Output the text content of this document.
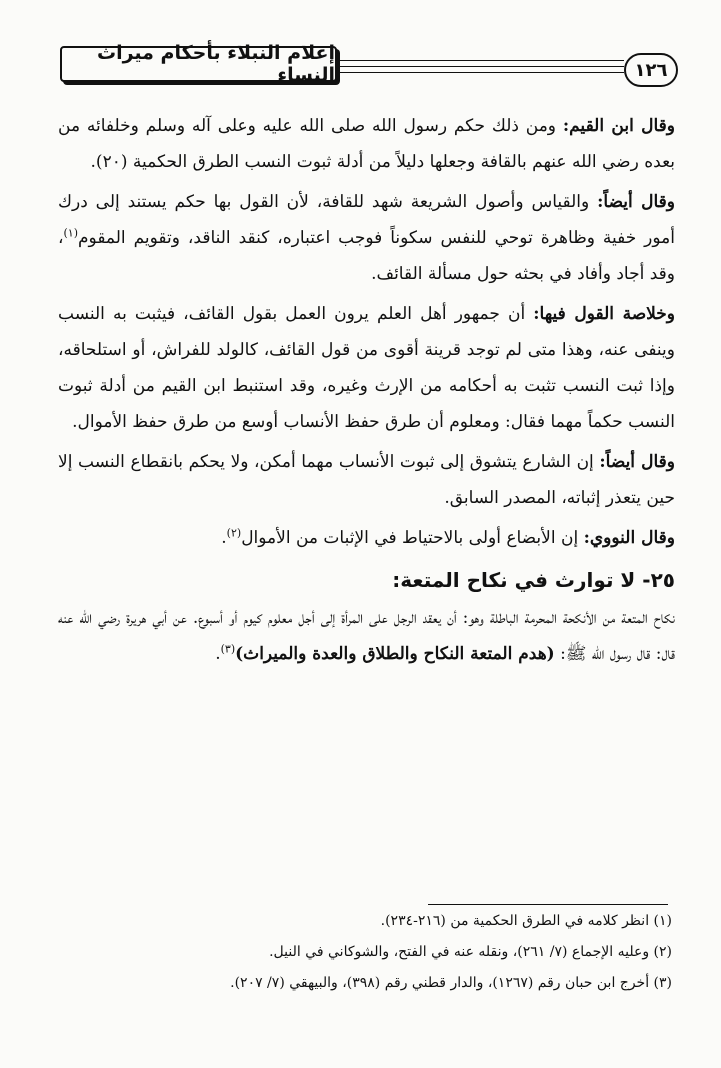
إعلام النبلاء بأحكام ميراث النساء	١٢٦

وقال ابن القيم: ومن ذلك حكم رسول الله صلى الله عليه وعلى آله وسلم وخلفائه من بعده رضي الله عنهم بالقافة وجعلها دليلاً من أدلة ثبوت النسب الطرق الحكمية (٢٠).

وقال أيضاً: والقياس وأصول الشريعة شهد للقافة، لأن القول بها حكم يستند إلى درك أمور خفية وظاهرة توحي للنفس سكوناً فوجب اعتباره، كنقد الناقد، وتقويم المقوم$^{(١)}$، وقد أجاد وأفاد في بحثه حول مسألة القائف.

وخلاصة القول فيها: أن جمهور أهل العلم يرون العمل بقول القائف، فيثبت به النسب وينفى عنه، وهذا متى لم توجد قرينة أقوى من قول القائف، كالولد للفراش، أو استلحاقه، وإذا ثبت النسب تثبت به أحكامه من الإرث وغيره، وقد استنبط ابن القيم من أدلة ثبوت النسب حكماً مهما فقال: ومعلوم أن طرق حفظ الأنساب أوسع من طرق حفظ الأموال.

وقال أيضاً: إن الشارع يتشوق إلى ثبوت الأنساب مهما أمكن، ولا يحكم بانقطاع النسب إلا حين يتعذر إثباته، المصدر السابق.

وقال النووي: إن الأبضاع أولى بالاحتياط في الإثبات من الأموال$^{(٢)}$.

٢٥- لا توارث في نكاح المتعة:

نكاح المتعة من الأنكحة المحرمة الباطلة وهو: أن يعقد الرجل على المرأة إلى أجل معلوم كيوم أو أسبوع. عن أبي هريرة رضي الله عنه قال: قال رسول الله ﷺ: (هدم المتعة النكاح والطلاق والعدة والميراث)$^{(٣)}$.

(١) انظر كلامه في الطرق الحكمية من (٢١٦-٢٣٤).

(٢) وعليه الإجماع (٧/ ٢٦١)، ونقله عنه في الفتح، والشوكاني في النيل.

(٣) أخرج ابن حبان رقم (١٢٦٧)، والدار قطني رقم (٣٩٨)، والبيهقي (٧/ ٢٠٧).
